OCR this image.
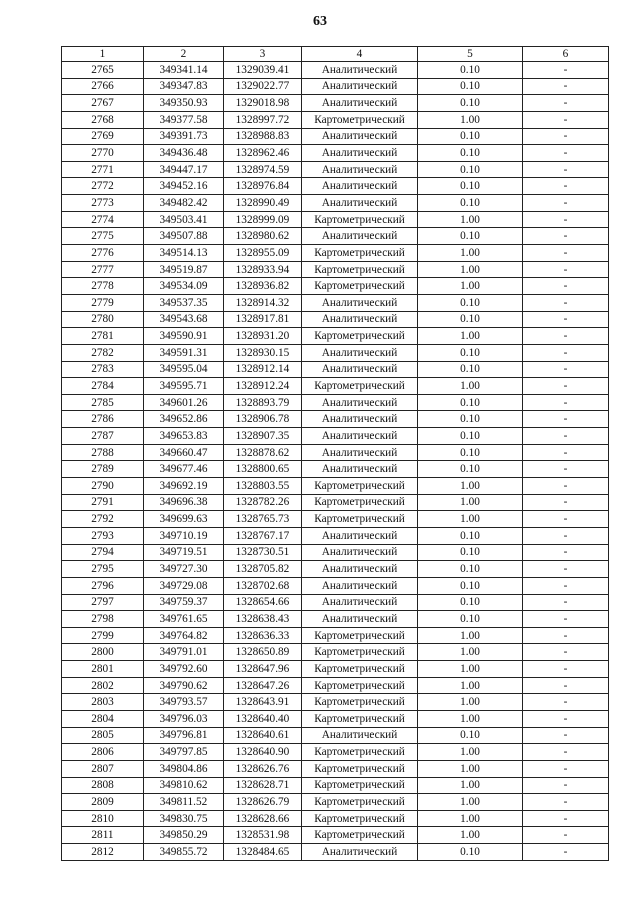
63
1	2	3	4	5	6
2765	349341.14	1329039.41	Аналитический	0.10	-
2766	349347.83	1329022.77	Аналитический	0.10	-
2767	349350.93	1329018.98	Аналитический	0.10	-
2768	349377.58	1328997.72	Картометрический	1.00	-
2769	349391.73	1328988.83	Аналитический	0.10	-
2770	349436.48	1328962.46	Аналитический	0.10	-
2771	349447.17	1328974.59	Аналитический	0.10	-
2772	349452.16	1328976.84	Аналитический	0.10	-
2773	349482.42	1328990.49	Аналитический	0.10	-
2774	349503.41	1328999.09	Картометрический	1.00	-
2775	349507.88	1328980.62	Аналитический	0.10	-
2776	349514.13	1328955.09	Картометрический	1.00	-
2777	349519.87	1328933.94	Картометрический	1.00	-
2778	349534.09	1328936.82	Картометрический	1.00	-
2779	349537.35	1328914.32	Аналитический	0.10	-
2780	349543.68	1328917.81	Аналитический	0.10	-
2781	349590.91	1328931.20	Картометрический	1.00	-
2782	349591.31	1328930.15	Аналитический	0.10	-
2783	349595.04	1328912.14	Аналитический	0.10	-
2784	349595.71	1328912.24	Картометрический	1.00	-
2785	349601.26	1328893.79	Аналитический	0.10	-
2786	349652.86	1328906.78	Аналитический	0.10	-
2787	349653.83	1328907.35	Аналитический	0.10	-
2788	349660.47	1328878.62	Аналитический	0.10	-
2789	349677.46	1328800.65	Аналитический	0.10	-
2790	349692.19	1328803.55	Картометрический	1.00	-
2791	349696.38	1328782.26	Картометрический	1.00	-
2792	349699.63	1328765.73	Картометрический	1.00	-
2793	349710.19	1328767.17	Аналитический	0.10	-
2794	349719.51	1328730.51	Аналитический	0.10	-
2795	349727.30	1328705.82	Аналитический	0.10	-
2796	349729.08	1328702.68	Аналитический	0.10	-
2797	349759.37	1328654.66	Аналитический	0.10	-
2798	349761.65	1328638.43	Аналитический	0.10	-
2799	349764.82	1328636.33	Картометрический	1.00	-
2800	349791.01	1328650.89	Картометрический	1.00	-
2801	349792.60	1328647.96	Картометрический	1.00	-
2802	349790.62	1328647.26	Картометрический	1.00	-
2803	349793.57	1328643.91	Картометрический	1.00	-
2804	349796.03	1328640.40	Картометрический	1.00	-
2805	349796.81	1328640.61	Аналитический	0.10	-
2806	349797.85	1328640.90	Картометрический	1.00	-
2807	349804.86	1328626.76	Картометрический	1.00	-
2808	349810.62	1328628.71	Картометрический	1.00	-
2809	349811.52	1328626.79	Картометрический	1.00	-
2810	349830.75	1328628.66	Картометрический	1.00	-
2811	349850.29	1328531.98	Картометрический	1.00	-
2812	349855.72	1328484.65	Аналитический	0.10	-
